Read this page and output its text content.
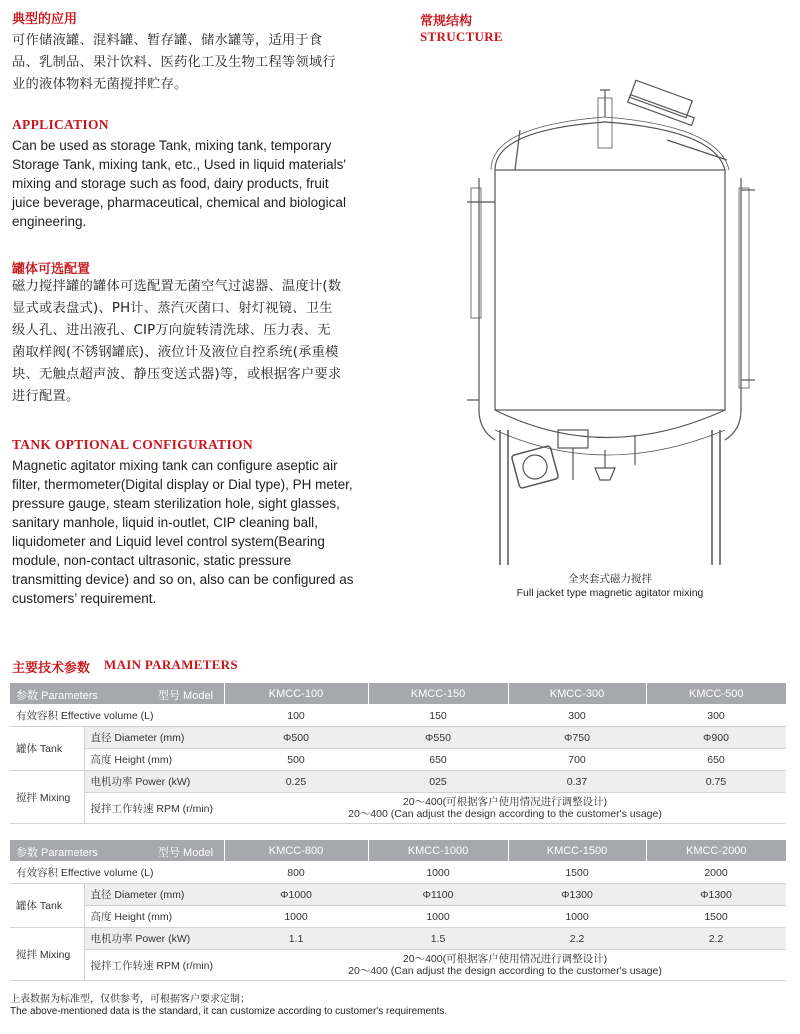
典型的应用
可作储液罐、混料罐、暂存罐、储水罐等，适用于食
品、乳制品、果汁饮料、医药化工及生物工程等领域行
业的液体物料无菌搅拌贮存。
APPLICATION
Can be used as storage Tank, mixing tank, temporary
Storage Tank, mixing tank, etc., Used in liquid materials'
mixing and storage such as food, dairy products, fruit
juice beverage, pharmaceutical, chemical and biological
engineering.
罐体可选配置
磁力搅拌罐的罐体可选配置无菌空气过滤器、温度计(数
显式或表盘式)、PH计、蒸汽灭菌口、射灯视镜、卫生
级人孔、进出液孔、CIP万向旋转清洗球、压力表、无
菌取样阀(不锈钢罐底)、液位计及液位自控系统(承重模
块、无触点超声波、静压变送式器)等，或根据客户要求
进行配置。
TANK OPTIONAL CONFIGURATION
Magnetic agitator mixing tank can configure aseptic air
filter, thermometer(Digital display or Dial type), PH meter,
pressure gauge, steam sterilization hole, sight glasses,
sanitary manhole, liquid in-outlet, CIP cleaning ball,
liquidometer and Liquid level control system(Bearing
module, non-contact ultrasonic, static pressure
transmitting device) and so on, also can be configured as
customers’ requirement.
常规结构
STRUCTURE
全夹套式磁力搅拌
Full jacket type magnetic agitator mixing
主要技术参数 MAIN PARAMETERS
参数 Parameters 型号 Model		KMCC-100	KMCC-150	KMCC-300	KMCC-500
有效容积 Effective volume (L)		100	150	300	300
罐体 Tank	直径 Diameter (mm)	Φ500	Φ550	Φ750	Φ900
	高度 Height (mm)	500	650	700	650
搅拌 Mixing	电机功率 Power (kW)	0.25	025	0.37	0.75
	搅拌工作转速 RPM (r/min)	20～400(可根据客户使用情况进行调整设计)
20～400 (Can adjust the design according to the customer's usage)			
参数 Parameters 型号 Model		KMCC-800	KMCC-1000	KMCC-1500	KMCC-2000
有效容积 Effective volume (L)		800	1000	1500	2000
罐体 Tank	直径 Diameter (mm)	Φ1000	Φ1100	Φ1300	Φ1300
	高度 Height (mm)	1000	1000	1000	1500
搅拌 Mixing	电机功率 Power (kW)	1.1	1.5	2.2	2.2
	搅拌工作转速 RPM (r/min)	20～400(可根据客户使用情况进行调整设计)
20～400 (Can adjust the design according to the customer's usage)			
上表数据为标准型，仅供参考，可根据客户要求定制；
The above-mentioned data is the standard, it can customize according to customer's requirements.
